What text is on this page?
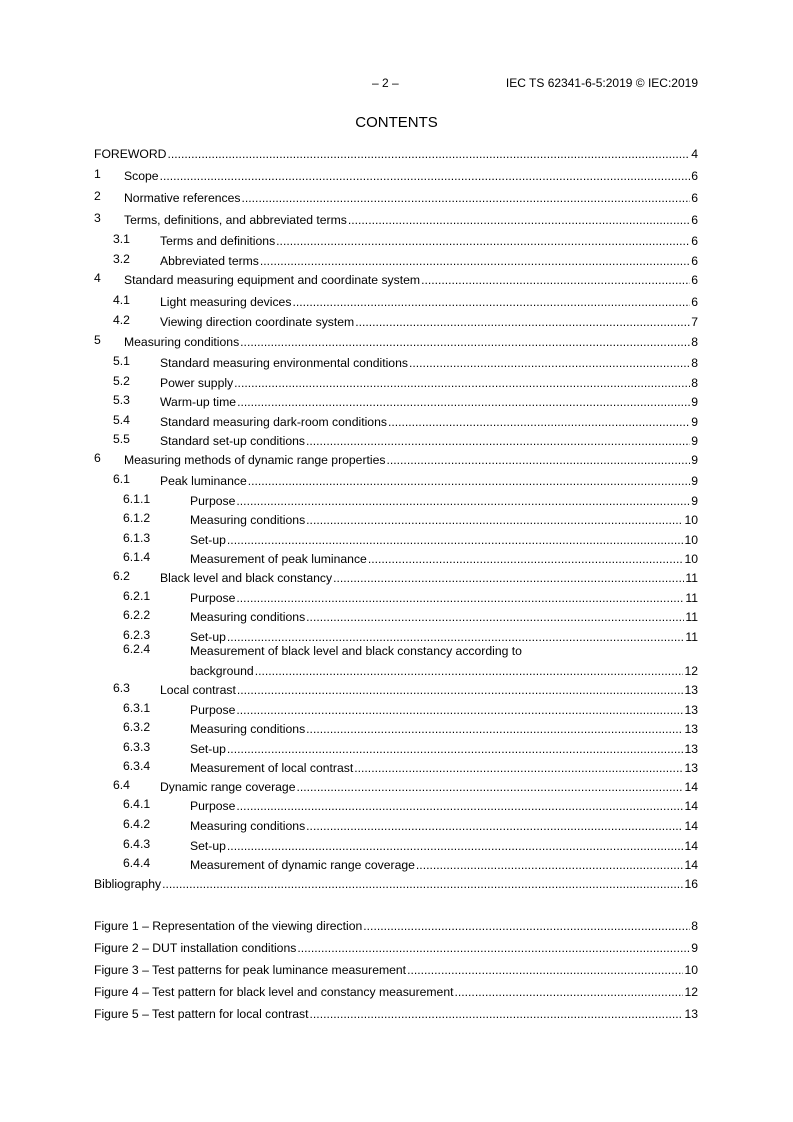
– 2 –	IEC TS 62341-6-5:2019 © IEC:2019
CONTENTS
FOREWORD .....	4
1 Scope .....	6
2 Normative references .....	6
3 Terms, definitions, and abbreviated terms .....	6
3.1 Terms and definitions .....	6
3.2 Abbreviated terms .....	6
4 Standard measuring equipment and coordinate system .....	6
4.1 Light measuring devices .....	6
4.2 Viewing direction coordinate system .....	7
5 Measuring conditions .....	8
5.1 Standard measuring environmental conditions .....	8
5.2 Power supply .....	8
5.3 Warm-up time .....	9
5.4 Standard measuring dark-room conditions .....	9
5.5 Standard set-up conditions .....	9
6 Measuring methods of dynamic range properties .....	9
6.1 Peak luminance .....	9
6.1.1	Purpose .....	9
6.1.2	Measuring conditions .....	10
6.1.3	Set-up .....	10
6.1.4	Measurement of peak luminance .....	10
6.2 Black level and black constancy .....	11
6.2.1	Purpose .....	11
6.2.2	Measuring conditions .....	11
6.2.3	Set-up .....	11
6.2.4	Measurement of black level and black constancy according to
background .....	12
6.3 Local contrast .....	13
6.3.1	Purpose .....	13
6.3.2	Measuring conditions .....	13
6.3.3	Set-up .....	13
6.3.4	Measurement of local contrast .....	13
6.4 Dynamic range coverage .....	14
6.4.1	Purpose .....	14
6.4.2	Measuring conditions .....	14
6.4.3	Set-up .....	14
6.4.4	Measurement of dynamic range coverage .....	14
Bibliography .....	16
Figure 1 – Representation of the viewing direction .....	8
Figure 2 – DUT installation conditions .....	9
Figure 3 – Test patterns for peak luminance measurement .....	10
Figure 4 – Test pattern for black level and constancy measurement .....	12
Figure 5 – Test pattern for local contrast .....	13
